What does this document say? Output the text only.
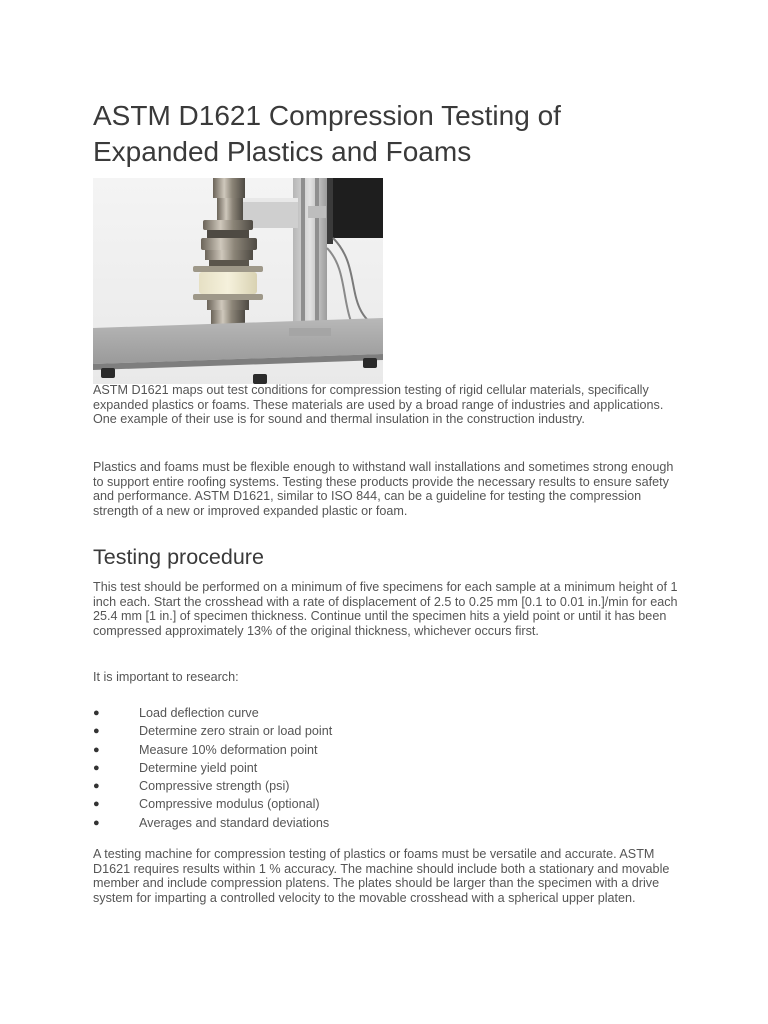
ASTM D1621 Compression Testing of Expanded Plastics and Foams

ASTM D1621 maps out test conditions for compression testing of rigid cellular materials, specifically expanded plastics or foams. These materials are used by a broad range of industries and applications. One example of their use is for sound and thermal insulation in the construction industry.

Plastics and foams must be flexible enough to withstand wall installations and sometimes strong enough to support entire roofing systems. Testing these products provide the necessary results to ensure safety and performance. ASTM D1621, similar to ISO 844, can be a guideline for testing the compression strength of a new or improved expanded plastic or foam.

Testing procedure

This test should be performed on a minimum of five specimens for each sample at a minimum height of 1 inch each. Start the crosshead with a rate of displacement of 2.5 to 0.25 mm [0.1 to 0.01 in.]/min for each 25.4 mm [1 in.] of specimen thickness. Continue until the specimen hits a yield point or until it has been compressed approximately 13% of the original thickness, whichever occurs first.

It is important to research:

●	Load deflection curve
●	Determine zero strain or load point
●	Measure 10% deformation point
●	Determine yield point
●	Compressive strength (psi)
●	Compressive modulus (optional)
●	Averages and standard deviations

A testing machine for compression testing of plastics or foams must be versatile and accurate. ASTM D1621 requires results within 1 % accuracy. The machine should include both a stationary and movable member and include compression platens. The plates should be larger than the specimen with a drive system for imparting a controlled velocity to the movable crosshead with a spherical upper platen.
